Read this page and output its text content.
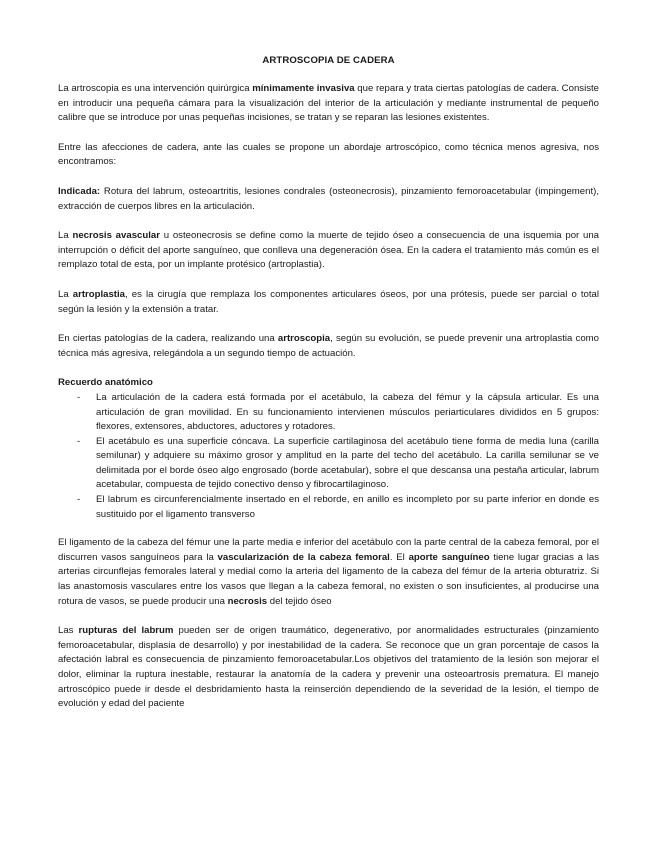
ARTROSCOPIA DE CADERA

La artroscopia es una intervención quirúrgica mínimamente invasiva que repara y trata ciertas patologías de cadera. Consiste en introducir una pequeña cámara para la visualización del interior de la articulación y mediante instrumental de pequeño calibre que se introduce por unas pequeñas incisiones, se tratan y se reparan las lesiones existentes.

Entre las afecciones de cadera, ante las cuales se propone un abordaje artroscópico, como técnica menos agresiva, nos encontramos:

Indicada: Rotura del labrum, osteoartritis, lesiones condrales (osteonecrosis), pinzamiento femoroacetabular (impingement), extracción de cuerpos libres en la articulación.

La necrosis avascular u osteonecrosis se define como la muerte de tejido óseo a consecuencia de una isquemia por una interrupción o déficit del aporte sanguíneo, que conlleva una degeneración ósea. En la cadera el tratamiento más común es el remplazo total de esta, por un implante protésico (artroplastia).

La artroplastia, es la cirugía que remplaza los componentes articulares óseos, por una prótesis, puede ser parcial o total según la lesión y la extensión a tratar.

En ciertas patologías de la cadera, realizando una artroscopia, según su evolución, se puede prevenir una artroplastia como técnica más agresiva, relegándola a un segundo tiempo de actuación.

Recuerdo anatómico
- La articulación de la cadera está formada por el acetábulo, la cabeza del fémur y la cápsula articular. Es una articulación de gran movilidad. En su funcionamiento intervienen músculos periarticulares divididos en 5 grupos: flexores, extensores, abductores, aductores y rotadores.
- El acetábulo es una superficie cóncava. La superficie cartilaginosa del acetábulo tiene forma de media luna (carilla semilunar) y adquiere su máximo grosor y amplitud en la parte del techo del acetábulo. La carilla semilunar se ve delimitada por el borde óseo algo engrosado (borde acetabular), sobre el que descansa una pestaña articular, labrum acetabular, compuesta de tejido conectivo denso y fibrocartilaginoso.
- El labrum es circunferencialmente insertado en el reborde, en anillo es incompleto por su parte inferior en donde es sustituido por el ligamento transverso

El ligamento de la cabeza del fémur une la parte media e inferior del acetábulo con la parte central de la cabeza femoral, por el discurren vasos sanguíneos para la vascularización de la cabeza femoral. El aporte sanguíneo tiene lugar gracias a las arterias circunflejas femorales lateral y medial como la arteria del ligamento de la cabeza del fémur de la arteria obturatriz. Si las anastomosis vasculares entre los vasos que llegan a la cabeza femoral, no existen o son insuficientes, al producirse una rotura de vasos, se puede producir una necrosis del tejido óseo

Las rupturas del labrum pueden ser de origen traumático, degenerativo, por anormalidades estructurales (pinzamiento femoroacetabular, displasia de desarrollo) y por inestabilidad de la cadera. Se reconoce que un gran porcentaje de casos la afectación labral es consecuencia de pinzamiento femoroacetabular.Los objetivos del tratamiento de la lesión son mejorar el dolor, eliminar la ruptura inestable, restaurar la anatomía de la cadera y prevenir una osteoartrosis prematura. El manejo artroscópico puede ir desde el desbridamiento hasta la reinserción dependiendo de la severidad de la lesión, el tiempo de evolución y edad del paciente
